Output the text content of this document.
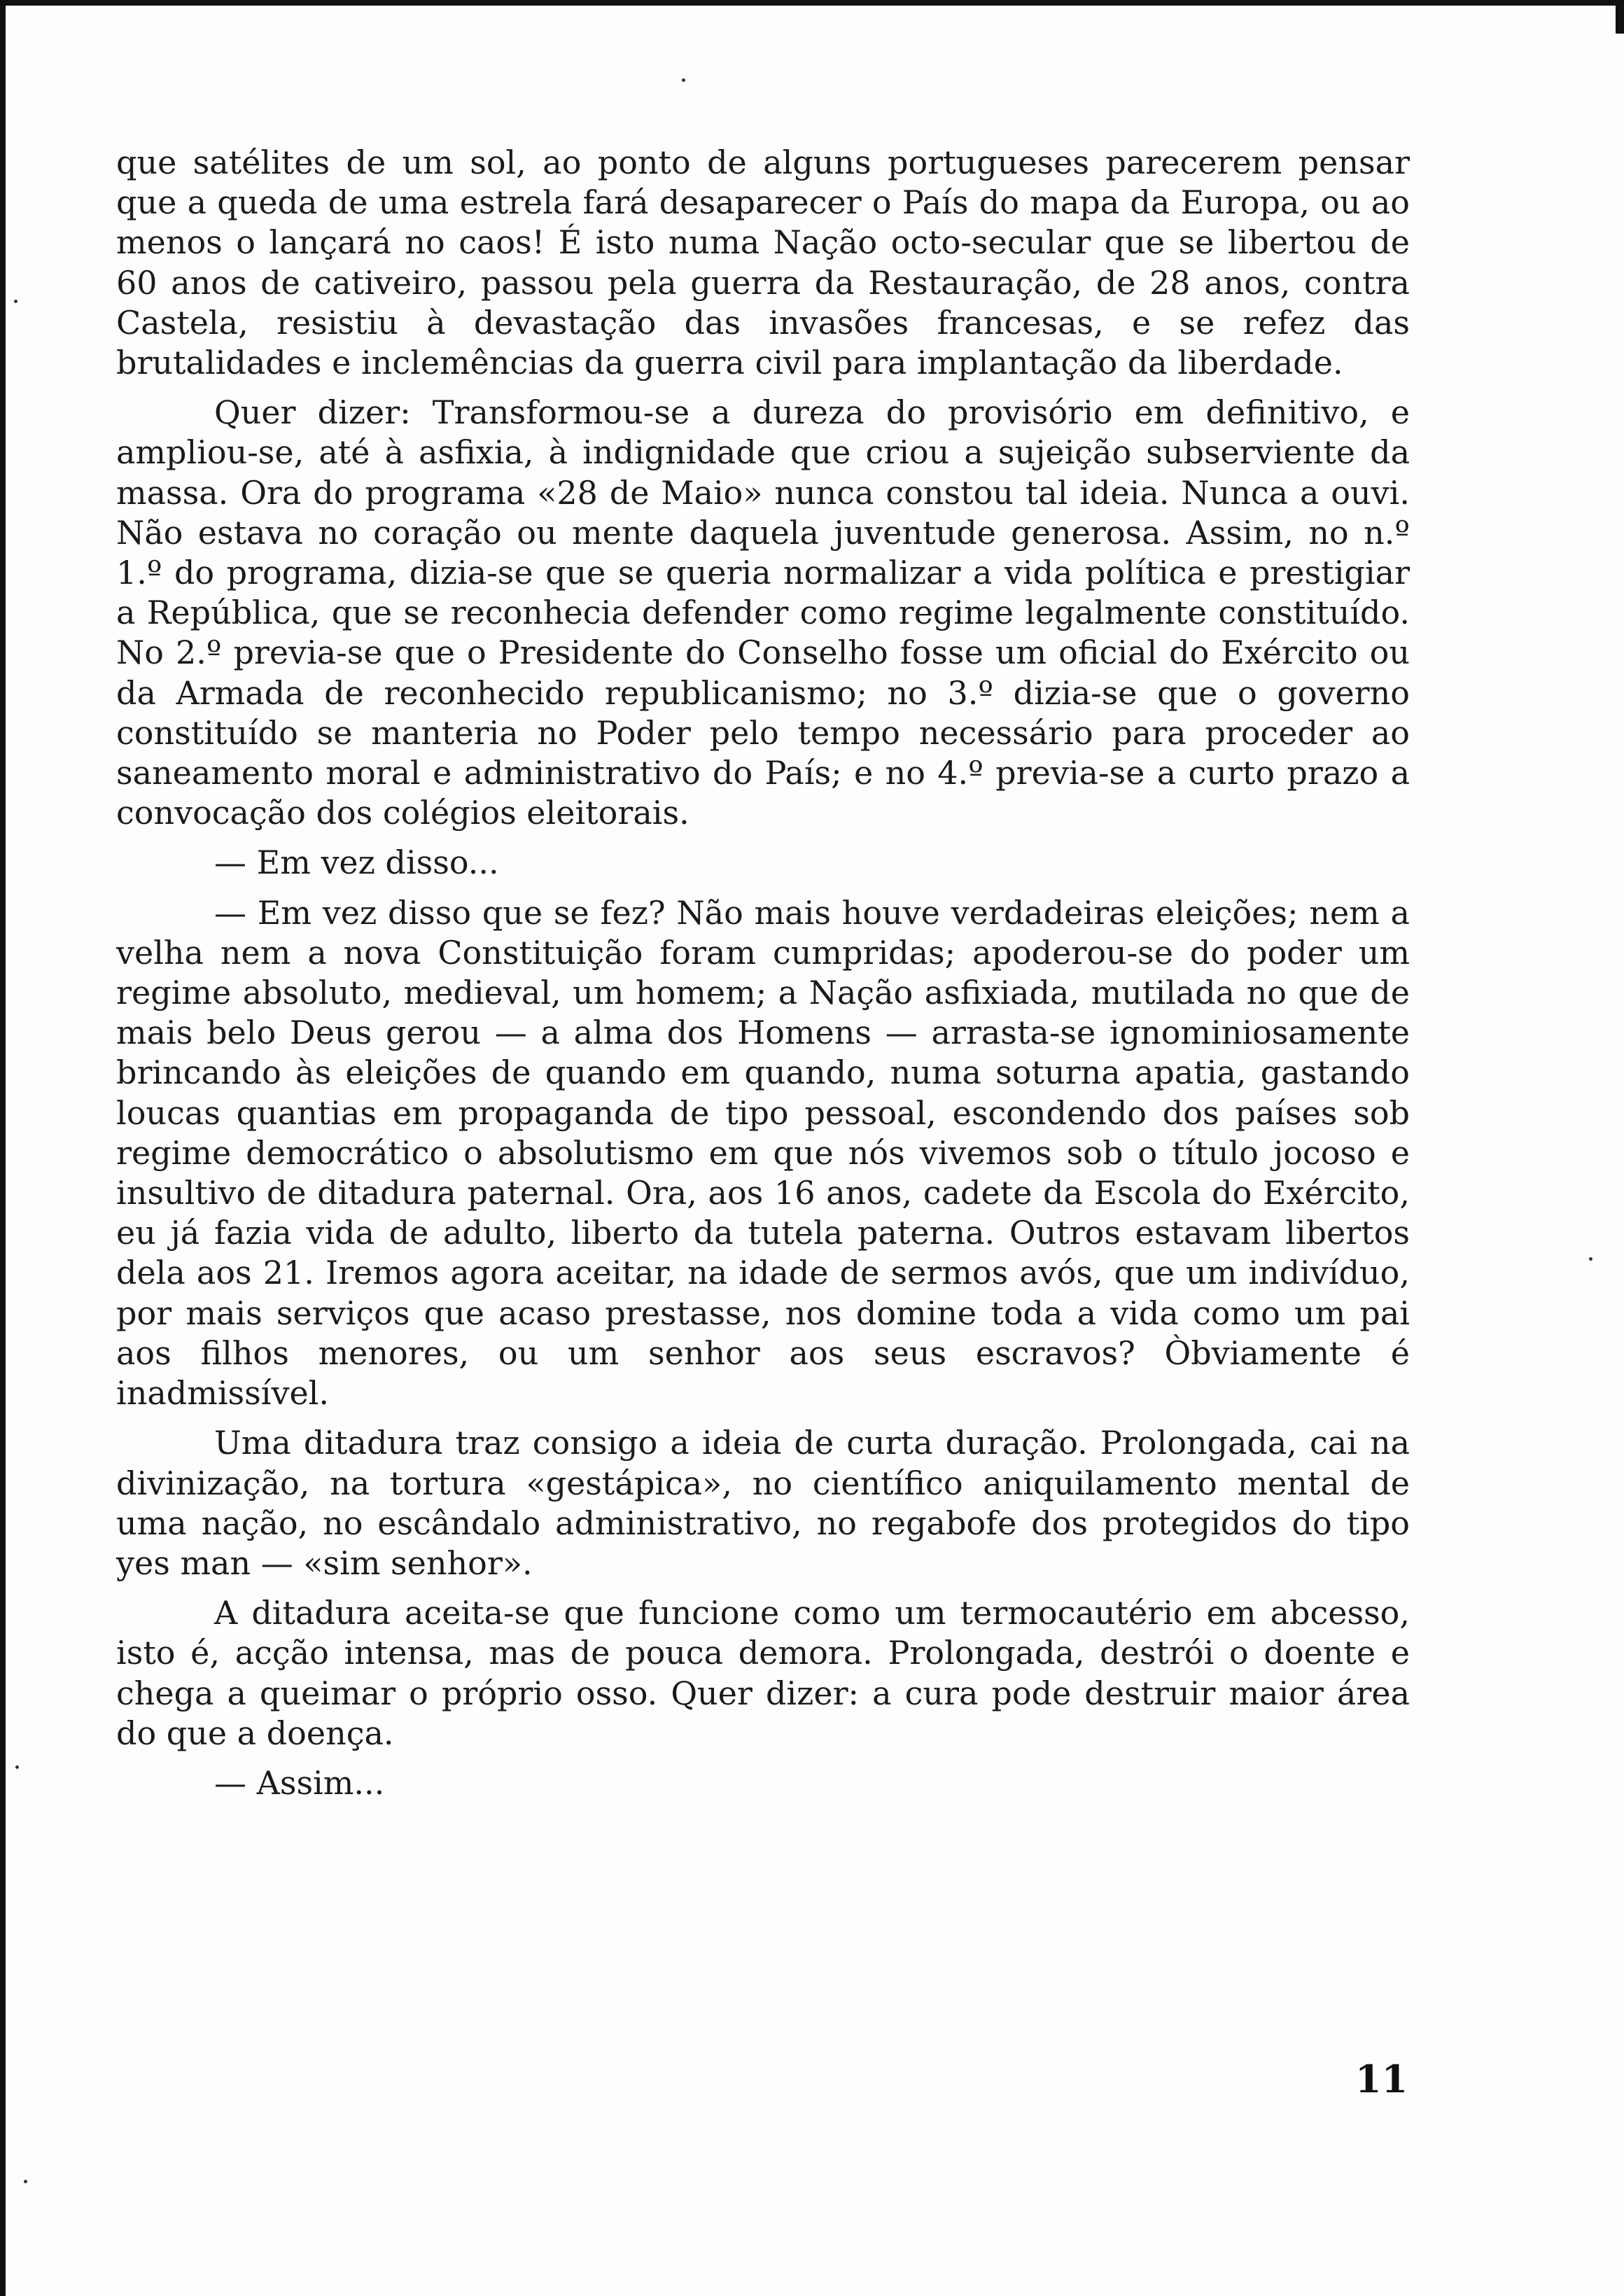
que satélites de um sol, ao ponto de alguns portugueses parecerem pensar que a queda de uma estrela fará desaparecer o País do mapa da Europa, ou ao menos o lançará no caos! É isto numa Nação octo-secular que se libertou de 60 anos de cativeiro, passou pela guerra da Restauração, de 28 anos, contra Castela, resistiu à devastação das invasões francesas, e se refez das brutalidades e inclemências da guerra civil para implantação da liberdade.

Quer dizer: Transformou-se a dureza do provisório em definitivo, e ampliou-se, até à asfixia, à indignidade que criou a sujeição subserviente da massa. Ora do programa «28 de Maio» nunca constou tal ideia. Nunca a ouvi. Não estava no coração ou mente daquela juventude generosa. Assim, no n.º 1.º do programa, dizia-se que se queria normalizar a vida política e prestigiar a República, que se reconhecia defender como regime legalmente constituído. No 2.º previa-se que o Presidente do Conselho fosse um oficial do Exército ou da Armada de reconhecido republicanismo; no 3.º dizia-se que o governo constituído se manteria no Poder pelo tempo necessário para proceder ao saneamento moral e administrativo do País; e no 4.º previa-se a curto prazo a convocação dos colégios eleitorais.

— Em vez disso...

— Em vez disso que se fez? Não mais houve verdadeiras eleições; nem a velha nem a nova Constituição foram cumpridas; apoderou-se do poder um regime absoluto, medieval, um homem; a Nação asfixiada, mutilada no que de mais belo Deus gerou — a alma dos Homens — arrasta-se ignominiosamente brincando às eleições de quando em quando, numa soturna apatia, gastando loucas quantias em propaganda de tipo pessoal, escondendo dos países sob regime democrático o absolutismo em que nós vivemos sob o título jocoso e insultivo de ditadura paternal. Ora, aos 16 anos, cadete da Escola do Exército, eu já fazia vida de adulto, liberto da tutela paterna. Outros estavam libertos dela aos 21. Iremos agora aceitar, na idade de sermos avós, que um indivíduo, por mais serviços que acaso prestasse, nos domine toda a vida como um pai aos filhos menores, ou um senhor aos seus escravos? Òbviamente é inadmissível.

Uma ditadura traz consigo a ideia de curta duração. Prolongada, cai na divinização, na tortura «gestápica», no científico aniquilamento mental de uma nação, no escândalo administrativo, no regabofe dos protegidos do tipo yes man — «sim senhor».

A ditadura aceita-se que funcione como um termocautério em abcesso, isto é, acção intensa, mas de pouca demora. Prolongada, destrói o doente e chega a queimar o próprio osso. Quer dizer: a cura pode destruir maior área do que a doença.

— Assim...

11
